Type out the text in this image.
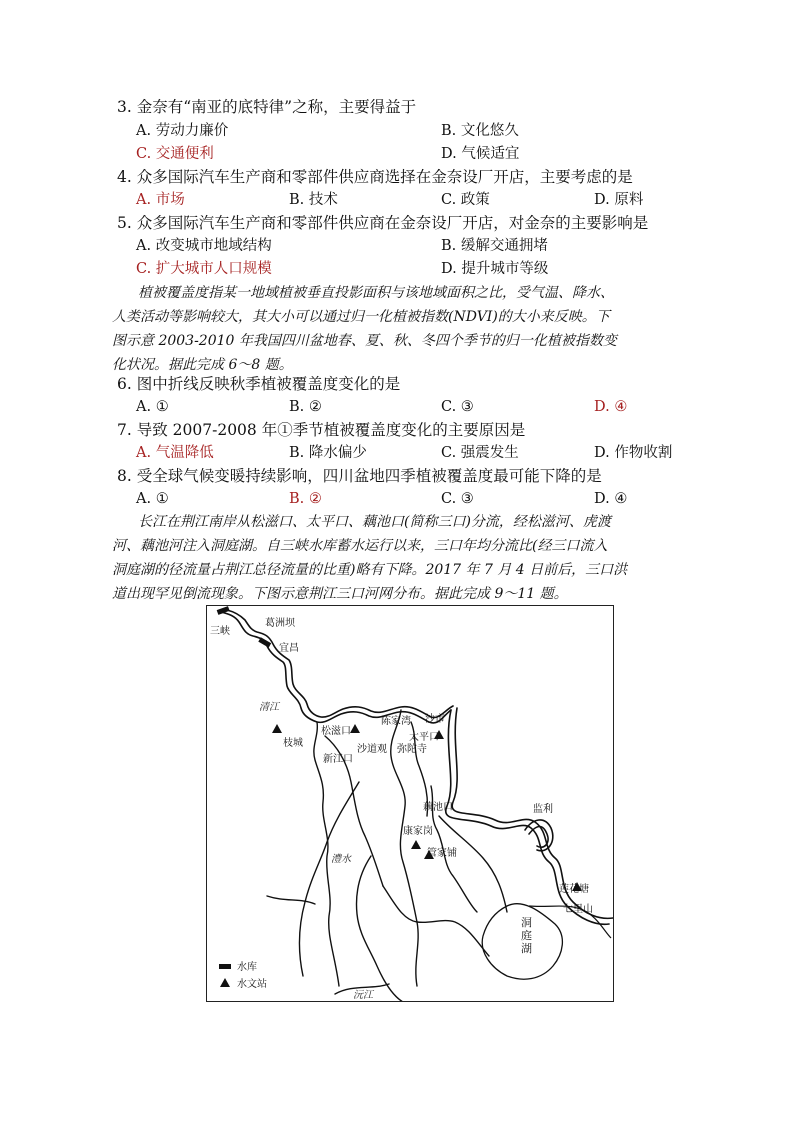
3. 金奈有“南亚的底特律”之称，主要得益于
A. 劳动力廉价	B. 文化悠久
C. 交通便利	D. 气候适宜
4. 众多国际汽车生产商和零部件供应商选择在金奈设厂开店，主要考虑的是
A. 市场	B. 技术	C. 政策	D. 原料
5. 众多国际汽车生产商和零部件供应商在金奈设厂开店，对金奈的主要影响是
A. 改变城市地域结构	B. 缓解交通拥堵
C. 扩大城市人口规模	D. 提升城市等级

植被覆盖度指某一地域植被垂直投影面积与该地域面积之比，受气温、降水、

人类活动等影响较大，其大小可以通过归一化植被指数(NDVI)的大小来反映。下

图示意 2003-2010 年我国四川盆地春、夏、秋、冬四个季节的归一化植被指数变

化状况。据此完成 6～8 题。

6. 图中折线反映秋季植被覆盖度变化的是
A. ①	B. ②	C. ③	D. ④
7. 导致 2007-2008 年①季节植被覆盖度变化的主要原因是
A. 气温降低	B. 降水偏少	C. 强震发生	D. 作物收割
8. 受全球气候变暖持续影响，四川盆地四季植被覆盖度最可能下降的是
A. ①	B. ②	C. ③	D. ④

长江在荆江南岸从松滋口、太平口、藕池口(简称三口)分流，经松滋河、虎渡

河、藕池河注入洞庭湖。自三峡水库蓄水运行以来，三口年均分流比(经三口流入

洞庭湖的径流量占荆江总径流量的比重)略有下降。2017 年 7 月 4 日前后，三口洪

道出现罕见倒流现象。下图示意荆江三口河网分布。据此完成 9～11 题。

三峡
葛洲坝
宜昌
清江
枝城
松滋口
陈家湾 沙市
太平口
沙道观 弥陀寺
新江口
藕池口	监利
康家岗
管家铺
澧水
莲花塘
七里山
洞
庭
湖
沅江
水库
水文站
